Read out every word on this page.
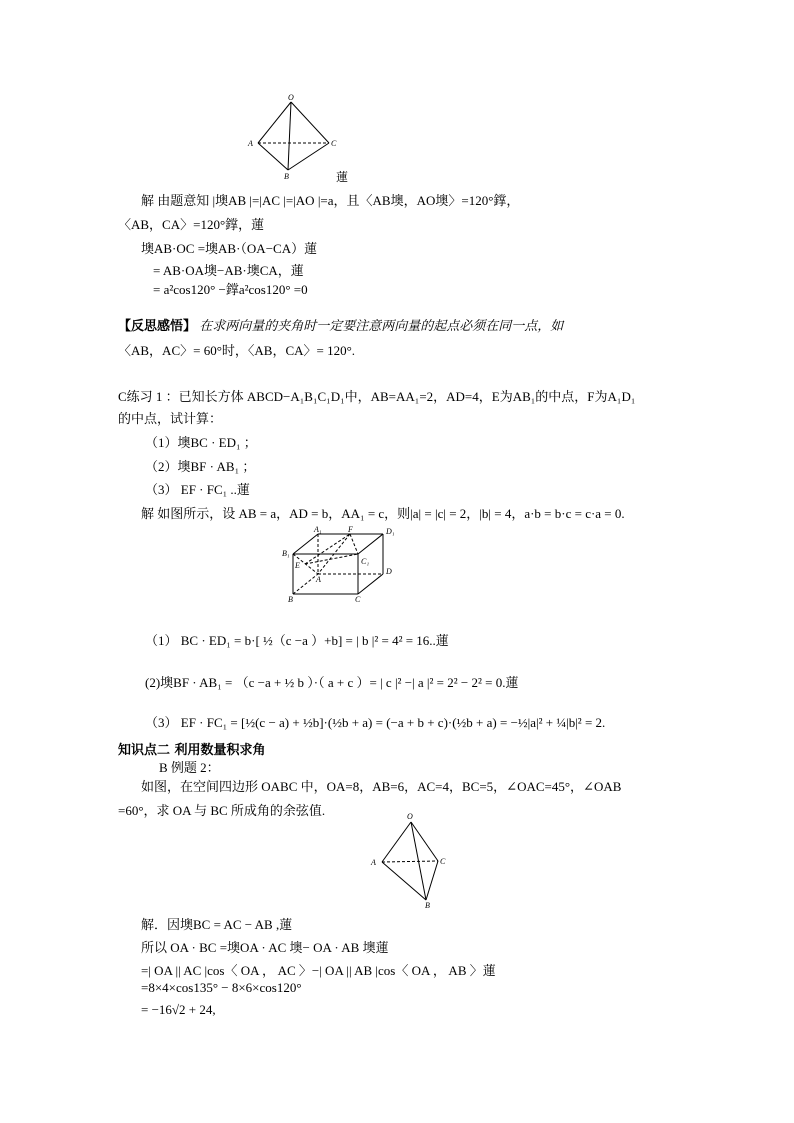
O
A
B
C
蓮
解 由题意知 |墺AB |=|AC |=|AO |=a，且〈AB墺，AO墺〉=120°鐣，
〈AB，CA〉=120°鐣，蓮
墺AB·OC =墺AB·（OA−CA）蓮
= AB·OA墺−AB·墺CA，蓮
= a²cos120° −鐣a²cos120° =0
【反思感悟】 在求两向量的夹角时一定要注意两向量的起点必须在同一点，如
〈AB，AC〉= 60°时，〈AB，CA〉= 120°.
C练习 1 ：已知长方体 ABCD−A₁B₁C₁D₁中，AB=AA₁=2，AD=4，E为AB₁的中点，F为A₁D₁
的中点，试计算：
（1）墺BC · ED₁ ；
（2）墺BF · AB₁ ；
（3） EF · FC₁ ..蓮
解 如图所示，设 AB = a，AD = b，AA₁ = c，则|a| = |c| = 2，|b| = 4，a·b = b·c = c·a = 0.
A₁	F	D₁
B₁
C₁
D
E
A
B	C
（1） BC · ED₁ = b·[ ½（c −a ）+b] = | b |² = 4² = 16..蓮
(2)墺BF · AB₁ = （c −a + ½ b ）·（ a + c ）= | c |² −| a |² = 2² − 2² = 0.蓮
（3） EF · FC₁ = [½(c − a) + ½b]·(½b + a) = (−a + b + c)·(½b + a) = −½|a|² + ¼|b|² = 2.
知识点二 利用数量积求角
B 例题 2：
如图，在空间四边形 OABC 中，OA=8，AB=6，AC=4，BC=5，∠OAC=45°，∠OAB
=60°，求 OA 与 BC 所成角的余弦值.	O
A	C
B
解．因墺BC = AC − AB ,蓮
所以 OA · BC =墺OA · AC 墺− OA · AB 墺蓮
=| OA || AC |cos〈 OA ， AC 〉−| OA || AB |cos〈 OA ， AB 〉蓮
=8×4×cos135° − 8×6×cos120°
= −16√2 + 24,
